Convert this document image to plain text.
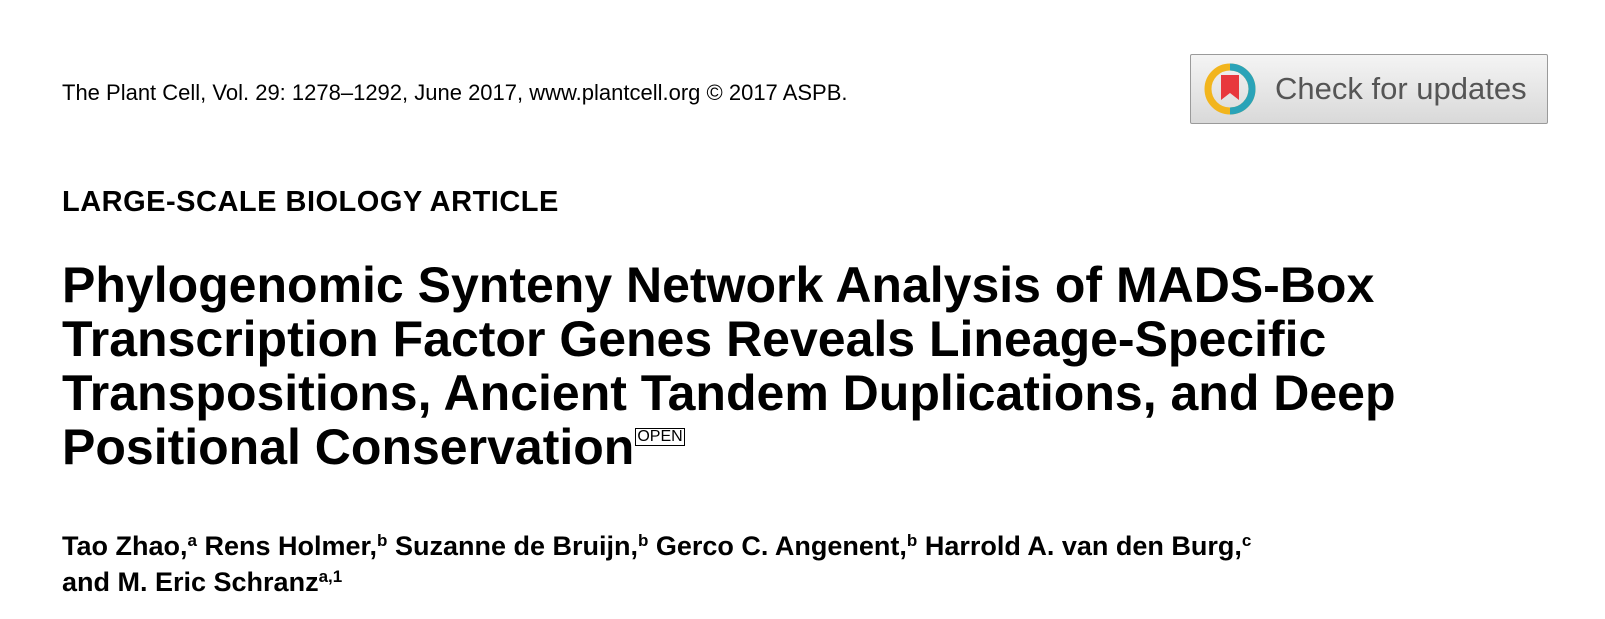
The Plant Cell, Vol. 29: 1278–1292, June 2017, www.plantcell.org © 2017 ASPB.	Check for updates
LARGE-SCALE BIOLOGY ARTICLE
Phylogenomic Synteny Network Analysis of MADS-Box
Transcription Factor Genes Reveals Lineage-Specific
Transpositions, Ancient Tandem Duplications, and Deep
Positional Conservation OPEN
Tao Zhao,$^a$ Rens Holmer,$^b$ Suzanne de Bruijn,$^b$ Gerco C. Angenent,$^b$ Harrold A. van den Burg,$^c$
and M. Eric Schranz$^{a,1}$
